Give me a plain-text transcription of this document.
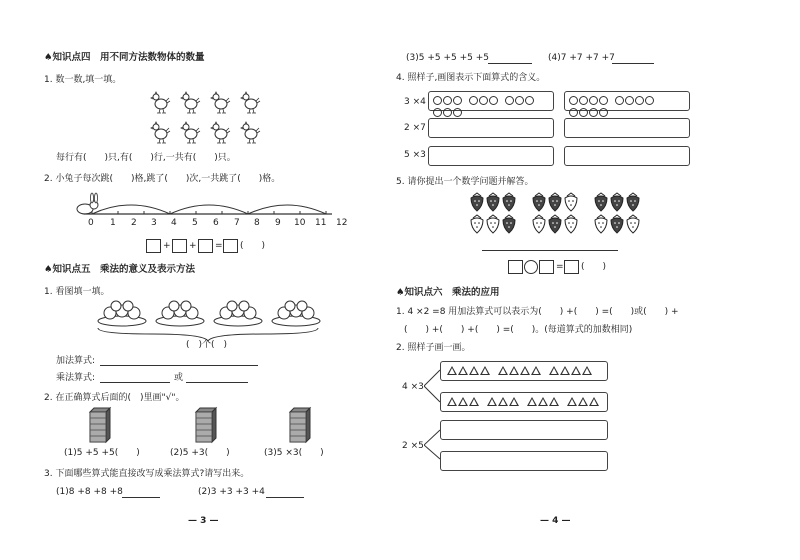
♠知识点四　用不同方法数物体的数量
1. 数一数,填一填。
每行有(　　)只,有(　　)行,一共有(　　)只。
2. 小兔子每次跳(　　)格,跳了(　　)次,一共跳了(　　)格。
0 1 2 3 4 5 6 7 8 9 10 11 12
+ + = (　　)
♠知识点五　乘法的意义及表示方法
1. 看图填一填。
(　)个(　)
加法算式:
乘法算式:	或
2. 在正确算式后面的(　)里画"√"。
(1)5 +5 +5(　　)	(2)5 +3(　　)	(3)5 ×3(　　)
3. 下面哪些算式能直接改写成乘法算式?请写出来。
(1)8 +8 +8 +8	(2)3 +3 +3 +4
— 3 —
(3)5 +5 +5 +5 +5	(4)7 +7 +7 +7
4. 照样子,画图表示下面算式的含义。
3 ×4
2 ×7
5 ×3
5. 请你提出一个数学问题并解答。
= (　　)
♠知识点六　乘法的应用
1. 4 ×2 =8 用加法算式可以表示为(　　) +(　　) =(　　)或(　　) +
(　　) +(　　) +(　　) =(　　)。(每道算式的加数相同)
2. 照样子画一画。
4 ×3
2 ×5
— 4 —
